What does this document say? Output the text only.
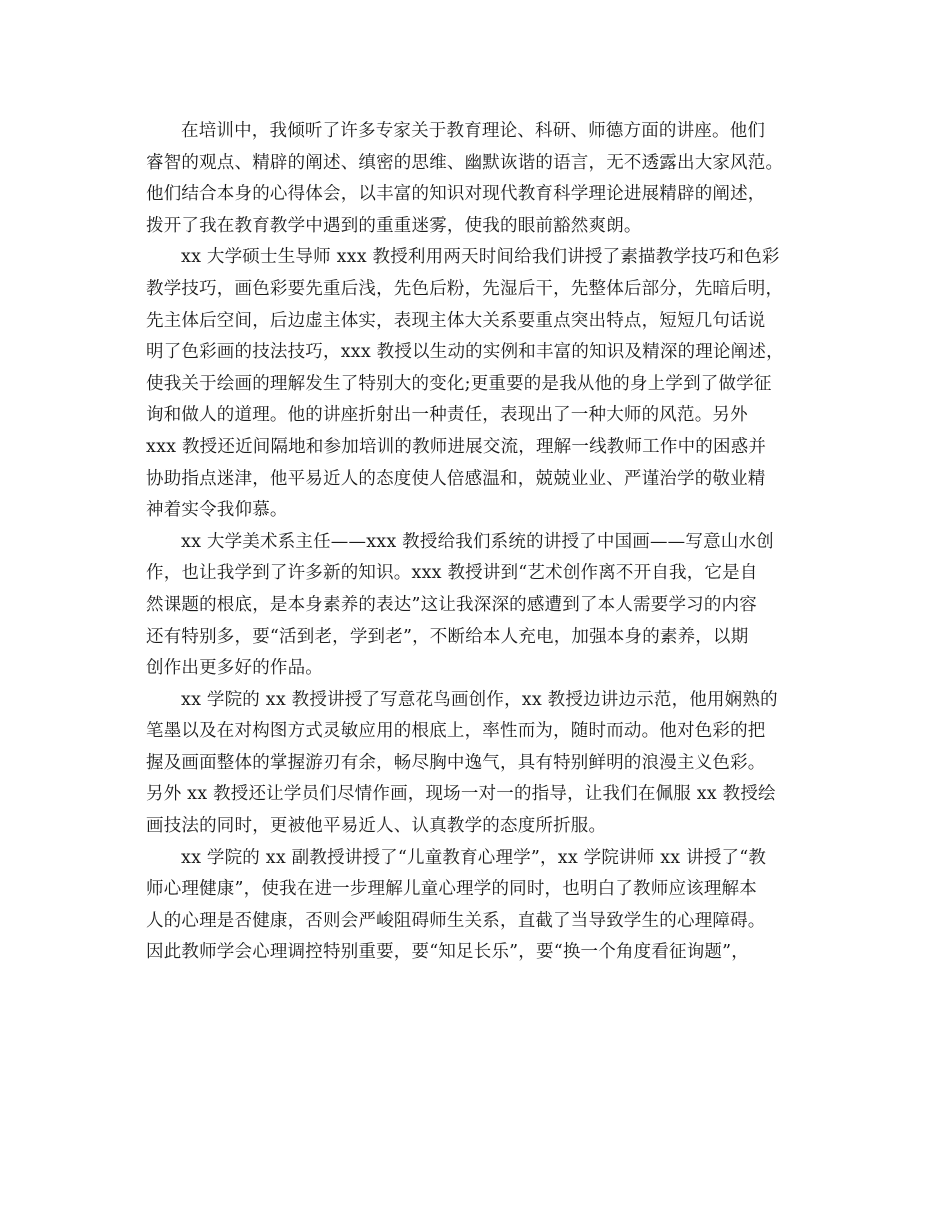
在培训中，我倾听了许多专家关于教育理论、科研、师德方面的讲座。他们
睿智的观点、精辟的阐述、缜密的思维、幽默诙谐的语言，无不透露出大家风范。
他们结合本身的心得体会，以丰富的知识对现代教育科学理论进展精辟的阐述，
拨开了我在教育教学中遇到的重重迷雾，使我的眼前豁然爽朗。
xx 大学硕士生导师 xxx 教授利用两天时间给我们讲授了素描教学技巧和色彩
教学技巧，画色彩要先重后浅，先色后粉，先湿后干，先整体后部分，先暗后明，
先主体后空间，后边虚主体实，表现主体大关系要重点突出特点，短短几句话说
明了色彩画的技法技巧，xxx 教授以生动的实例和丰富的知识及精深的理论阐述，
使我关于绘画的理解发生了特别大的变化;更重要的是我从他的身上学到了做学征
询和做人的道理。他的讲座折射出一种责任，表现出了一种大师的风范。另外
xxx 教授还近间隔地和参加培训的教师进展交流，理解一线教师工作中的困惑并
协助指点迷津，他平易近人的态度使人倍感温和，兢兢业业、严谨治学的敬业精
神着实令我仰慕。
xx 大学美术系主任——xxx 教授给我们系统的讲授了中国画——写意山水创
作，也让我学到了许多新的知识。xxx 教授讲到“艺术创作离不开自我，它是自
然课题的根底，是本身素养的表达”这让我深深的感遭到了本人需要学习的内容
还有特别多，要“活到老，学到老”，不断给本人充电，加强本身的素养，以期
创作出更多好的作品。
xx 学院的 xx 教授讲授了写意花鸟画创作，xx 教授边讲边示范，他用娴熟的
笔墨以及在对构图方式灵敏应用的根底上，率性而为，随时而动。他对色彩的把
握及画面整体的掌握游刃有余，畅尽胸中逸气，具有特别鲜明的浪漫主义色彩。
另外 xx 教授还让学员们尽情作画，现场一对一的指导，让我们在佩服 xx 教授绘
画技法的同时，更被他平易近人、认真教学的态度所折服。
xx 学院的 xx 副教授讲授了“儿童教育心理学”，xx 学院讲师 xx 讲授了“教
师心理健康”，使我在进一步理解儿童心理学的同时，也明白了教师应该理解本
人的心理是否健康，否则会严峻阻碍师生关系，直截了当导致学生的心理障碍。
因此教师学会心理调控特别重要，要“知足长乐”，要“换一个角度看征询题”，
